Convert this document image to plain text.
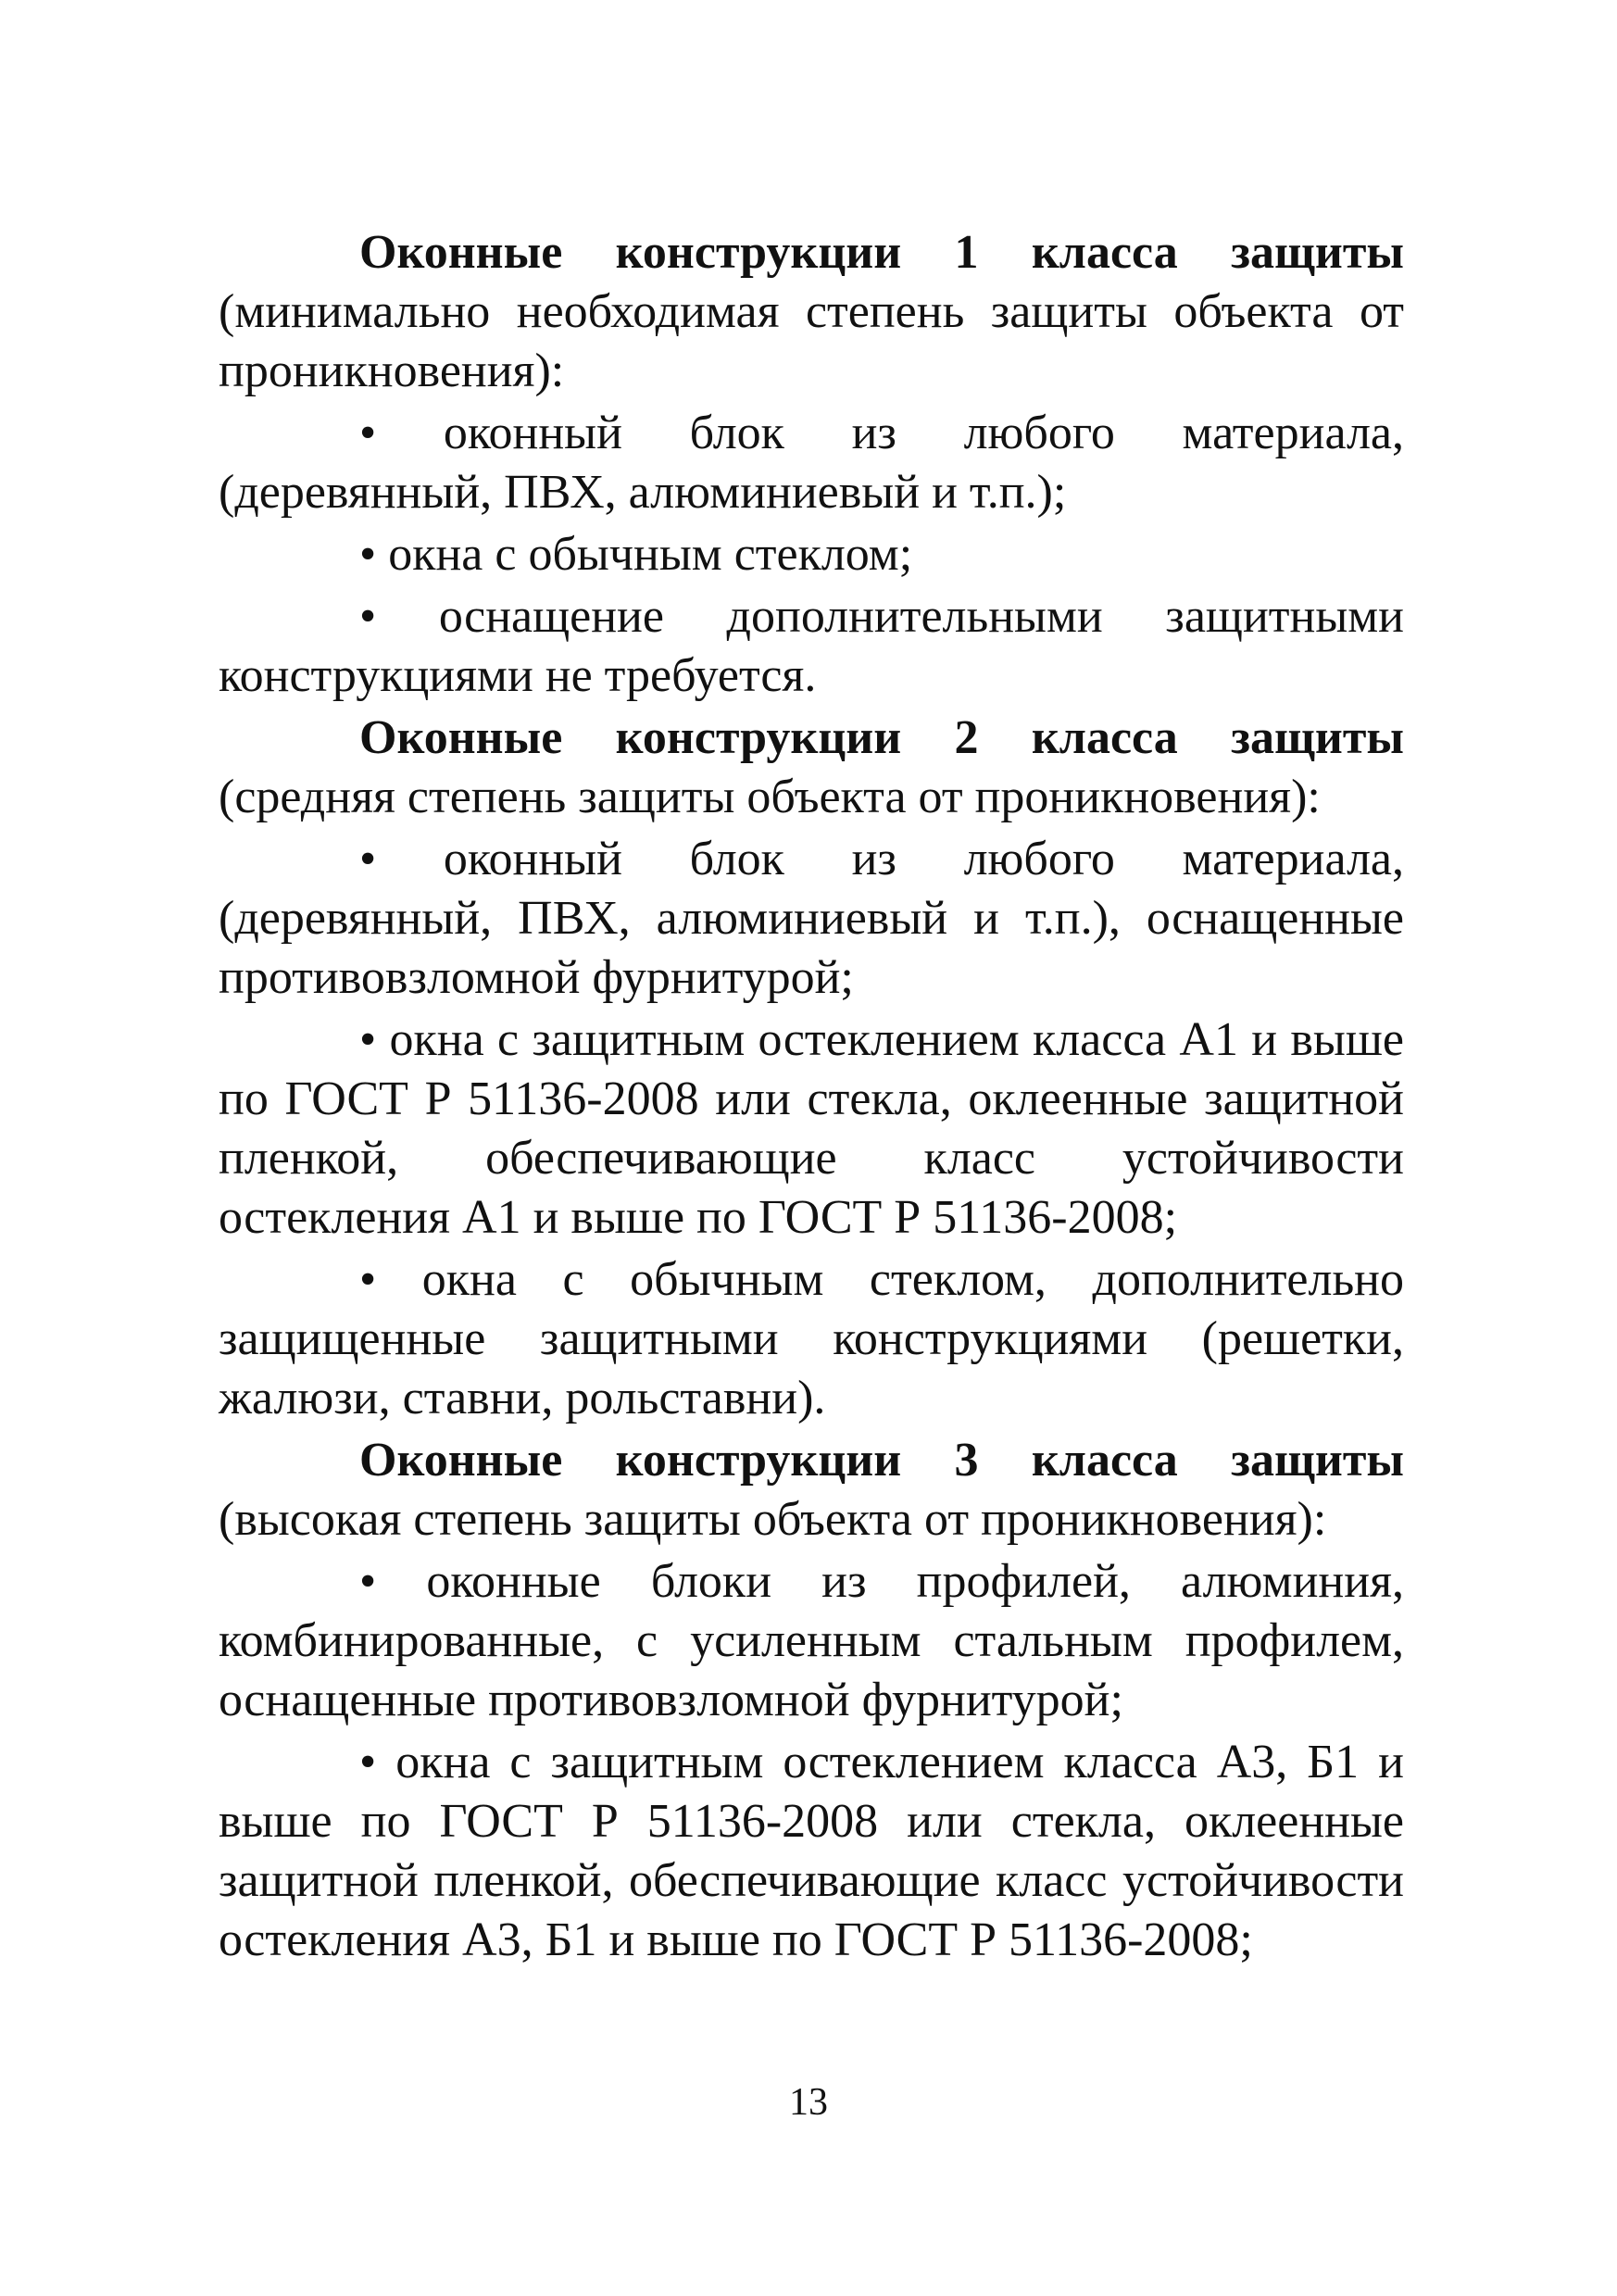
Оконные конструкции 1 класса защиты (минимально необходимая степень защиты объекта от проникновения):

• оконный блок из любого материала, (деревянный, ПВХ, алюминиевый и т.п.);

• окна с обычным стеклом;

• оснащение дополнительными защитными конструкциями не требуется.

Оконные конструкции 2 класса защиты (средняя степень защиты объекта от проникновения):

• оконный блок из любого материала, (деревянный, ПВХ, алюминиевый и т.п.), оснащенные противовзломной фурнитурой;

• окна с защитным остеклением класса А1 и выше по ГОСТ Р 51136-2008 или стекла, оклеенные защитной пленкой, обеспечивающие класс устойчивости остекления А1 и выше по ГОСТ Р 51136-2008;

• окна с обычным стеклом, дополнительно защищенные защитными конструкциями (решетки, жалюзи, ставни, рольставни).

Оконные конструкции 3 класса защиты (высокая степень защиты объекта от проникновения):

• оконные блоки из профилей, алюминия, комбинированные, с усиленным стальным профилем, оснащенные противовзломной фурнитурой;

• окна с защитным остеклением класса А3, Б1 и выше по ГОСТ Р 51136-2008 или стекла, оклеенные защитной пленкой, обеспечивающие класс устойчивости остекления А3, Б1 и выше по ГОСТ Р 51136-2008;

13
